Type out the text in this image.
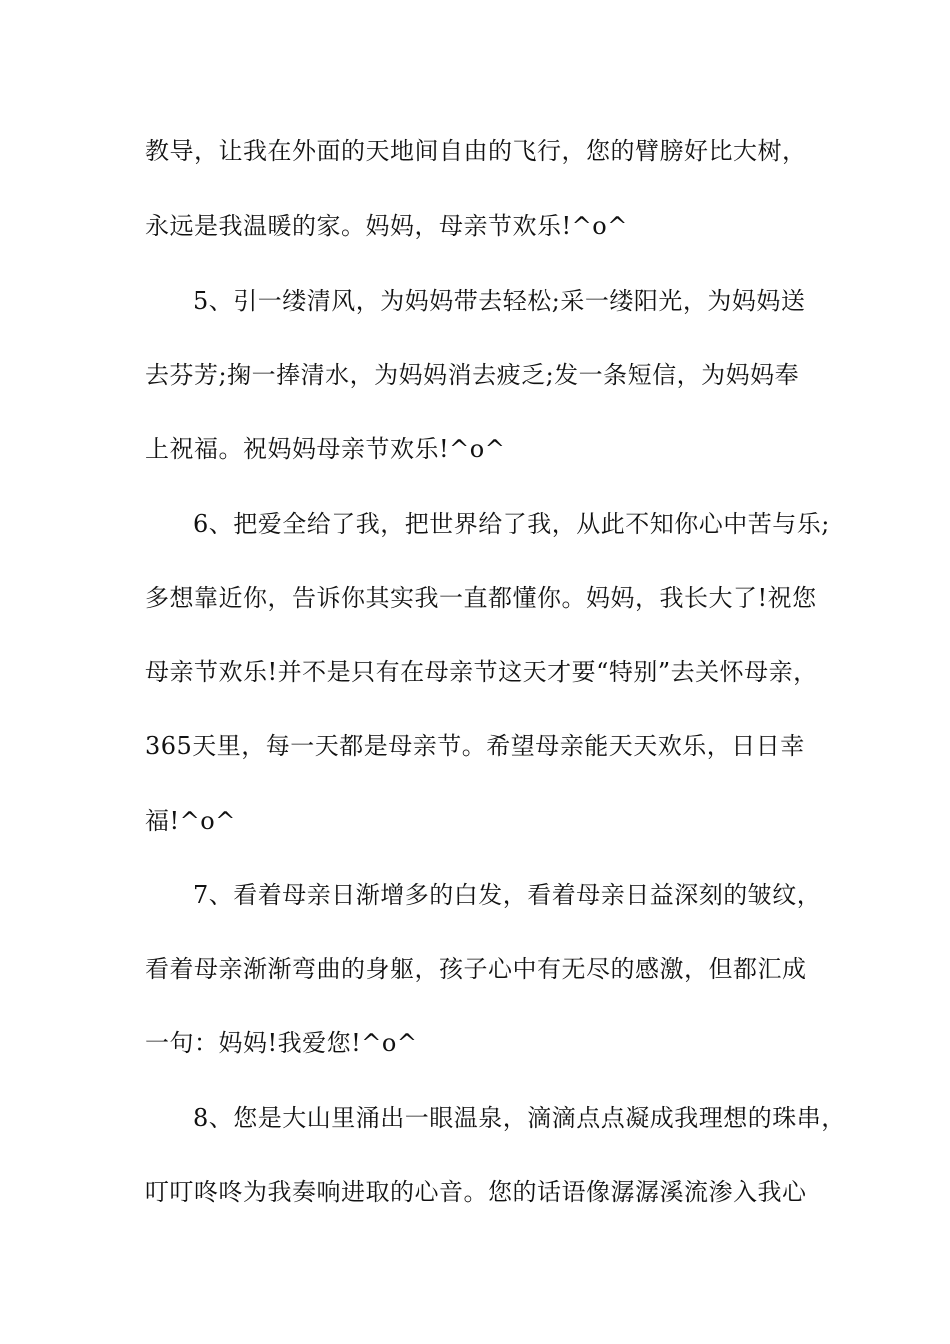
教导，让我在外面的天地间自由的飞行，您的臂膀好比大树，
永远是我温暖的家。妈妈，母亲节欢乐!^o^
5、引一缕清风，为妈妈带去轻松;采一缕阳光，为妈妈送
去芬芳;掬一捧清水，为妈妈消去疲乏;发一条短信，为妈妈奉
上祝福。祝妈妈母亲节欢乐!^o^
6、把爱全给了我，把世界给了我，从此不知你心中苦与乐;
多想靠近你，告诉你其实我一直都懂你。妈妈，我长大了!祝您
母亲节欢乐!并不是只有在母亲节这天才要“特别”去关怀母亲，
365天里，每一天都是母亲节。希望母亲能天天欢乐，日日幸
福!^o^
7、看着母亲日渐增多的白发，看着母亲日益深刻的皱纹，
看着母亲渐渐弯曲的身躯，孩子心中有无尽的感激，但都汇成
一句：妈妈!我爱您!^o^
8、您是大山里涌出一眼温泉，滴滴点点凝成我理想的珠串，
叮叮咚咚为我奏响进取的心音。您的话语像潺潺溪流渗入我心
